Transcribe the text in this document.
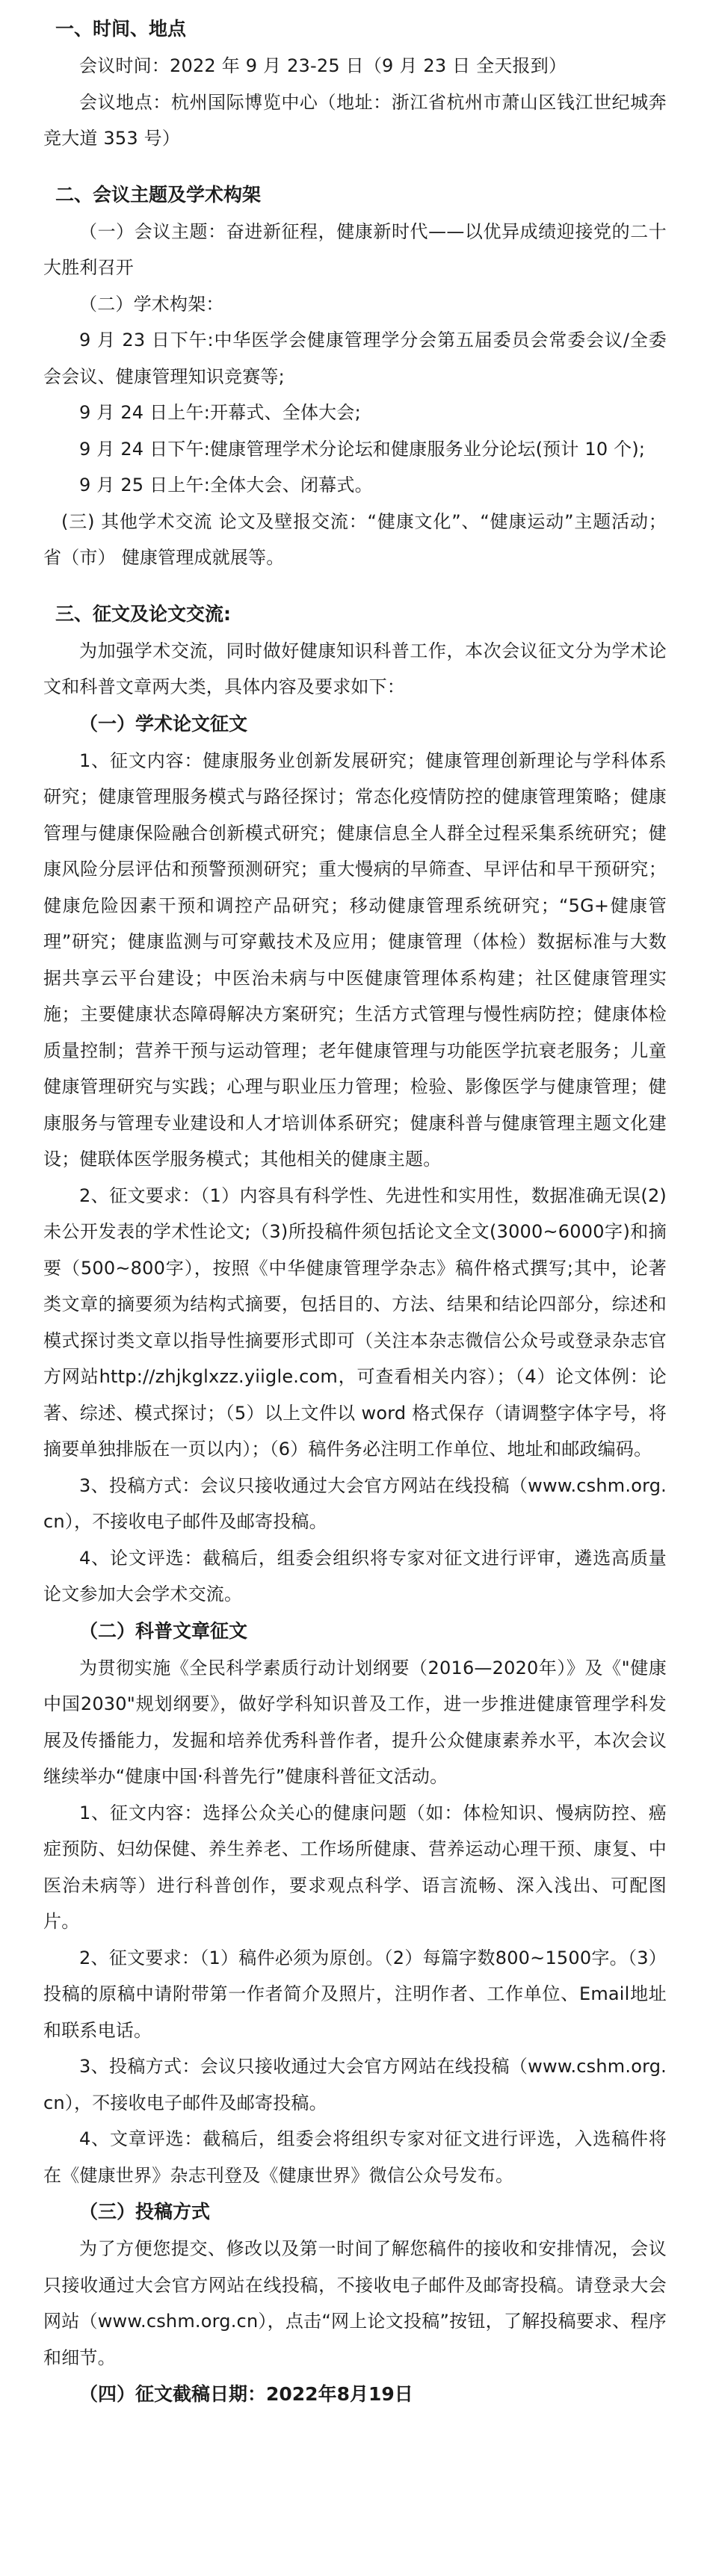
一、时间、地点

会议时间：2022 年 9 月 23-25 日（9 月 23 日 全天报到）

会议地点：杭州国际博览中心（地址：浙江省杭州市萧山区钱江世纪城奔竞大道 353 号）

二、会议主题及学术构架

（一）会议主题：奋进新征程，健康新时代——以优异成绩迎接党的二十大胜利召开

（二）学术构架：

9 月 23 日下午:中华医学会健康管理学分会第五届委员会常委会议/全委会会议、健康管理知识竞赛等;

9 月 24 日上午:开幕式、全体大会;

9 月 24 日下午:健康管理学术分论坛和健康服务业分论坛(预计 10 个);

9 月 25 日上午:全体大会、闭幕式。

(三) 其他学术交流 论文及壁报交流：“健康文化”、“健康运动”主题活动；省（市） 健康管理成就展等。

三、征文及论文交流:

为加强学术交流，同时做好健康知识科普工作，本次会议征文分为学术论文和科普文章两大类，具体内容及要求如下：

（一）学术论文征文

1、征文内容：健康服务业创新发展研究；健康管理创新理论与学科体系研究；健康管理服务模式与路径探讨；常态化疫情防控的健康管理策略；健康管理与健康保险融合创新模式研究；健康信息全人群全过程采集系统研究；健康风险分层评估和预警预测研究；重大慢病的早筛查、早评估和早干预研究；健康危险因素干预和调控产品研究；移动健康管理系统研究；“5G+健康管理”研究；健康监测与可穿戴技术及应用；健康管理（体检）数据标准与大数据共享云平台建设；中医治未病与中医健康管理体系构建；社区健康管理实施；主要健康状态障碍解决方案研究；生活方式管理与慢性病防控；健康体检质量控制；营养干预与运动管理；老年健康管理与功能医学抗衰老服务；儿童健康管理研究与实践；心理与职业压力管理；检验、影像医学与健康管理；健康服务与管理专业建设和人才培训体系研究；健康科普与健康管理主题文化建设；健联体医学服务模式；其他相关的健康主题。

2、征文要求：（1）内容具有科学性、先进性和实用性，数据准确无误(2)未公开发表的学术性论文;（3)所投稿件须包括论文全文(3000~6000字)和摘要（500~800字），按照《中华健康管理学杂志》稿件格式撰写;其中，论著类文章的摘要须为结构式摘要，包括目的、方法、结果和结论四部分，综述和模式探讨类文章以指导性摘要形式即可（关注本杂志微信公众号或登录杂志官方网站http://zhjkglxzz.yiigle.com，可查看相关内容）；（4）论文体例：论著、综述、模式探讨；（5）以上文件以 word 格式保存（请调整字体字号，将摘要单独排版在一页以内）；（6）稿件务必注明工作单位、地址和邮政编码。

3、投稿方式：会议只接收通过大会官方网站在线投稿（www.cshm.org.cn），不接收电子邮件及邮寄投稿。

4、论文评选：截稿后，组委会组织将专家对征文进行评审，遴选高质量论文参加大会学术交流。

（二）科普文章征文

为贯彻实施《全民科学素质行动计划纲要（2016—2020年）》及《"健康中国2030"规划纲要》，做好学科知识普及工作，进一步推进健康管理学科发展及传播能力，发掘和培养优秀科普作者，提升公众健康素养水平，本次会议继续举办“健康中国·科普先行”健康科普征文活动。

1、征文内容：选择公众关心的健康问题（如：体检知识、慢病防控、癌症预防、妇幼保健、养生养老、工作场所健康、营养运动心理干预、康复、中医治未病等）进行科普创作，要求观点科学、语言流畅、深入浅出、可配图片。

2、征文要求：（1）稿件必须为原创。（2）每篇字数800~1500字。（3）投稿的原稿中请附带第一作者简介及照片，注明作者、工作单位、Email地址和联系电话。

3、投稿方式：会议只接收通过大会官方网站在线投稿（www.cshm.org.cn），不接收电子邮件及邮寄投稿。

4、文章评选：截稿后，组委会将组织专家对征文进行评选，入选稿件将在《健康世界》杂志刊登及《健康世界》微信公众号发布。

（三）投稿方式

为了方便您提交、修改以及第一时间了解您稿件的接收和安排情况，会议只接收通过大会官方网站在线投稿，不接收电子邮件及邮寄投稿。请登录大会网站（www.cshm.org.cn），点击“网上论文投稿”按钮，了解投稿要求、程序和细节。

（四）征文截稿日期：2022年8月19日
